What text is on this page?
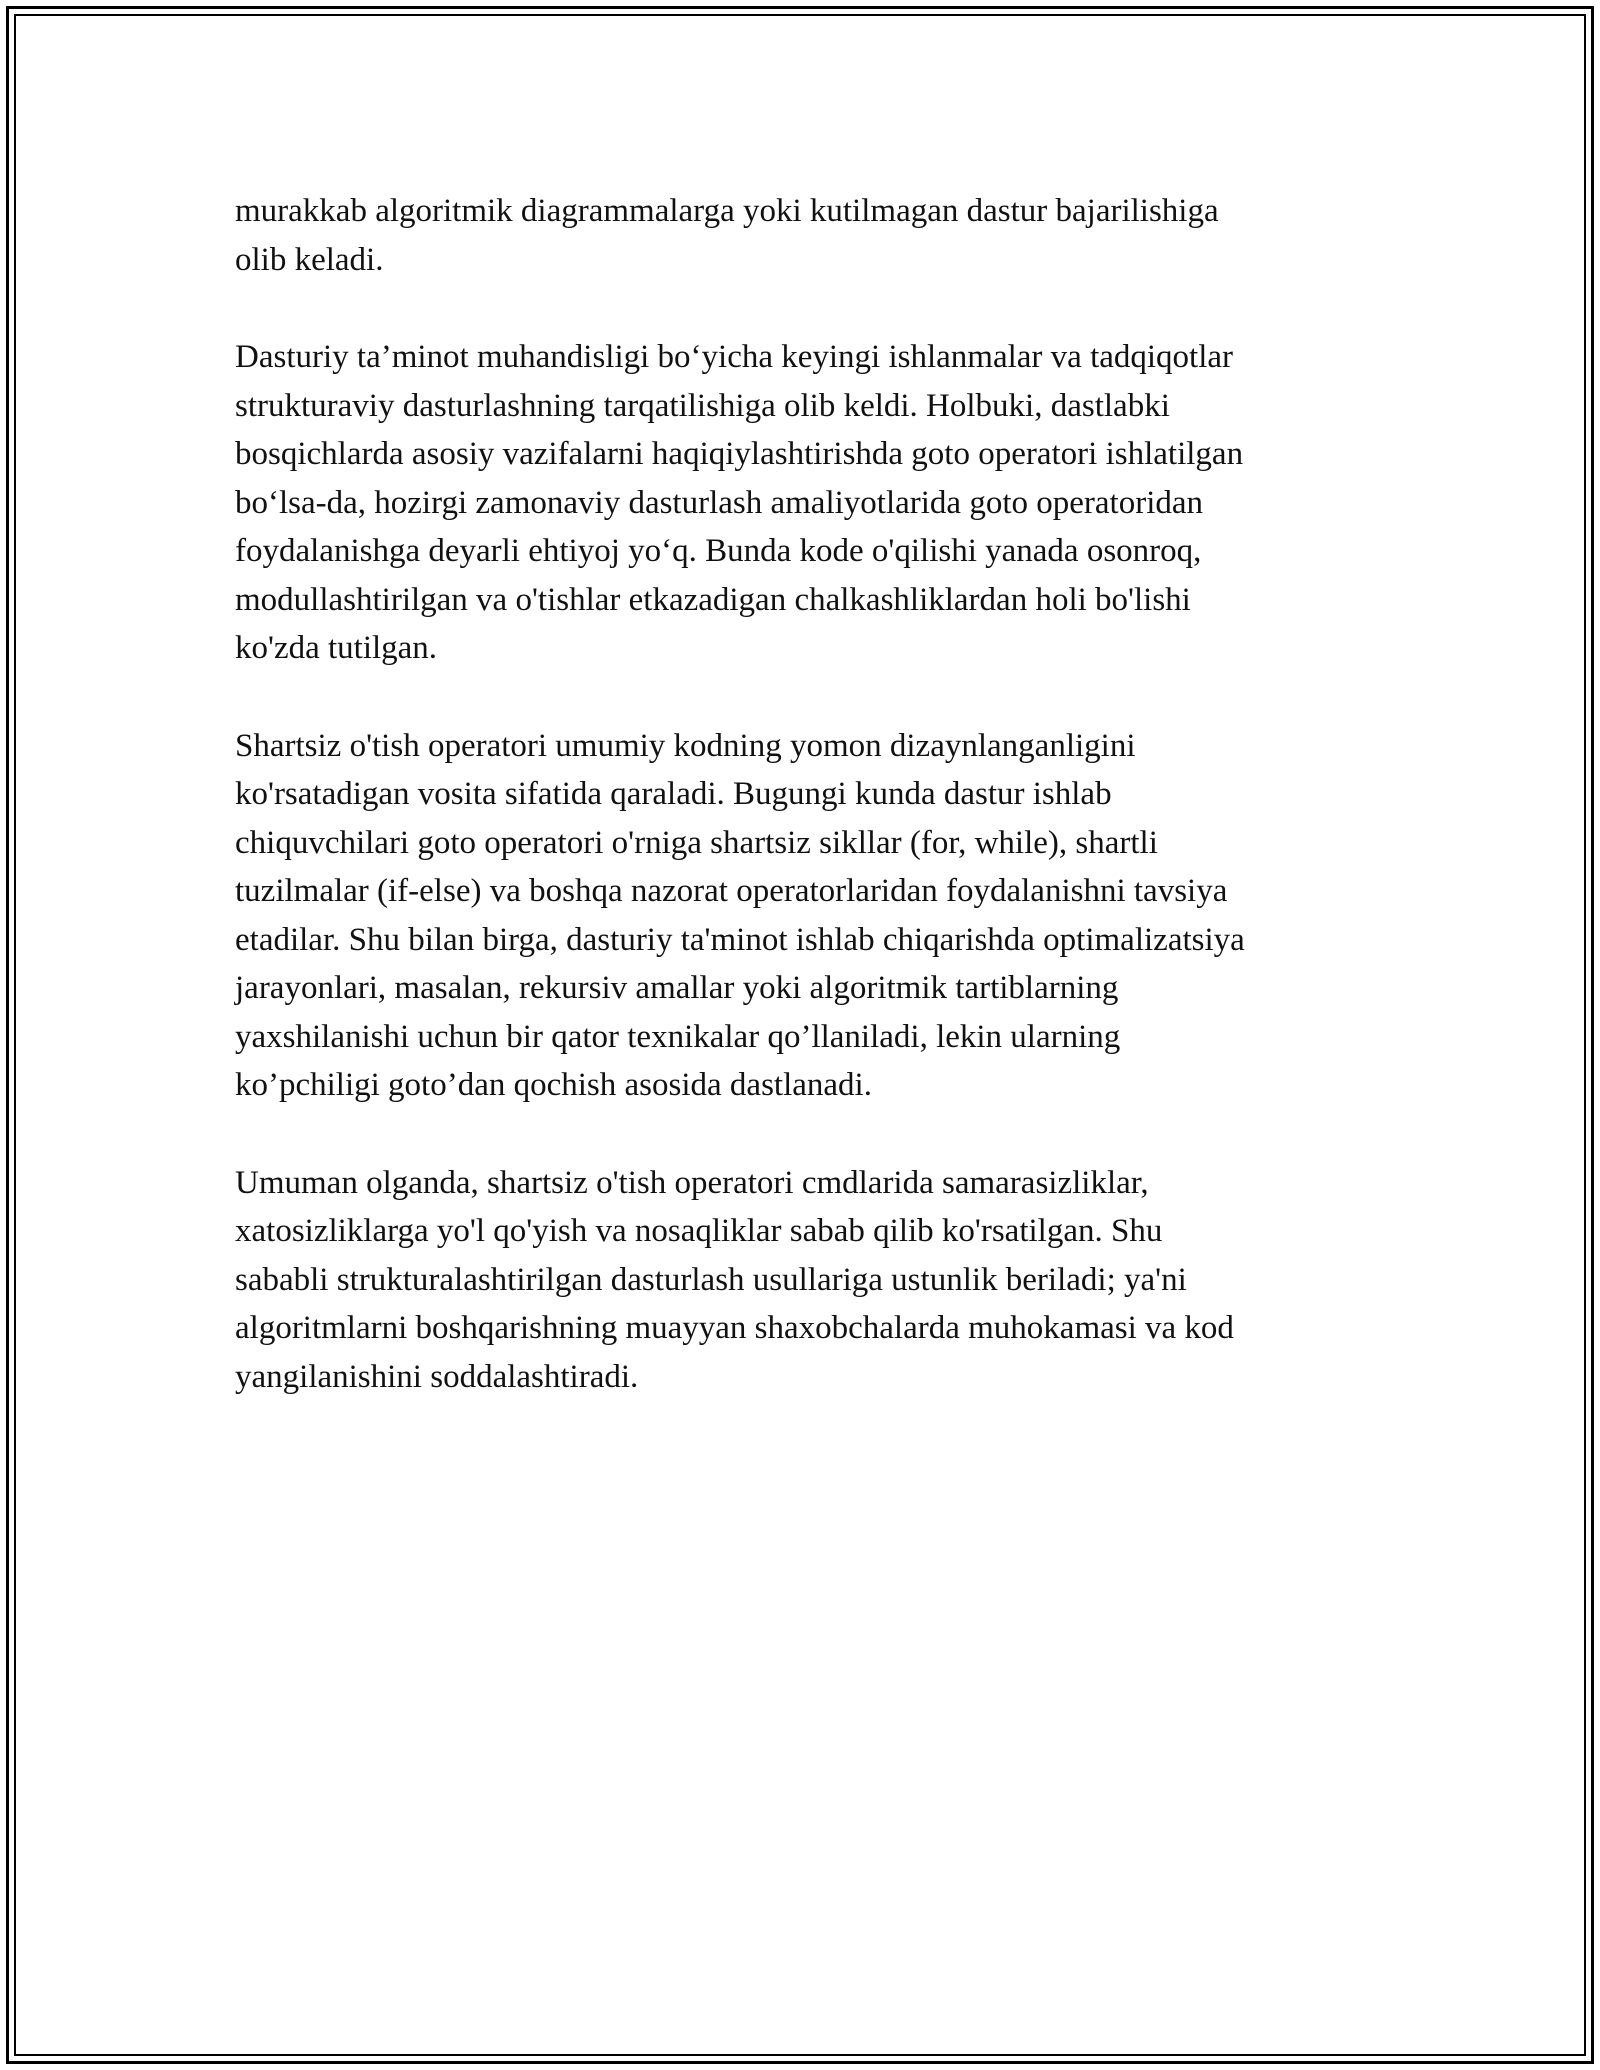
murakkab algoritmik diagrammalarga yoki kutilmagan dastur bajarilishiga
olib keladi.

Dasturiy ta’minot muhandisligi bo‘yicha keyingi ishlanmalar va tadqiqotlar
strukturaviy dasturlashning tarqatilishiga olib keldi. Holbuki, dastlabki
bosqichlarda asosiy vazifalarni haqiqiylashtirishda goto operatori ishlatilgan
bo‘lsa-da, hozirgi zamonaviy dasturlash amaliyotlarida goto operatoridan
foydalanishga deyarli ehtiyoj yo‘q. Bunda kode o'qilishi yanada osonroq,
modullashtirilgan va o'tishlar etkazadigan chalkashliklardan holi bo'lishi
ko'zda tutilgan.

Shartsiz o'tish operatori umumiy kodning yomon dizaynlanganligini
ko'rsatadigan vosita sifatida qaraladi. Bugungi kunda dastur ishlab
chiquvchilari goto operatori o'rniga shartsiz sikllar (for, while), shartli
tuzilmalar (if-else) va boshqa nazorat operatorlaridan foydalanishni tavsiya
etadilar. Shu bilan birga, dasturiy ta'minot ishlab chiqarishda optimalizatsiya
jarayonlari, masalan, rekursiv amallar yoki algoritmik tartiblarning
yaxshilanishi uchun bir qator texnikalar qo’llaniladi, lekin ularning
ko’pchiligi goto’dan qochish asosida dastlanadi.

Umuman olganda, shartsiz o'tish operatori cmdlarida samarasizliklar,
xatosizliklarga yo'l qo'yish va nosaqliklar sabab qilib ko'rsatilgan. Shu
sababli strukturalashtirilgan dasturlash usullariga ustunlik beriladi; ya'ni
algoritmlarni boshqarishning muayyan shaxobchalarda muhokamasi va kod
yangilanishini soddalashtiradi.
